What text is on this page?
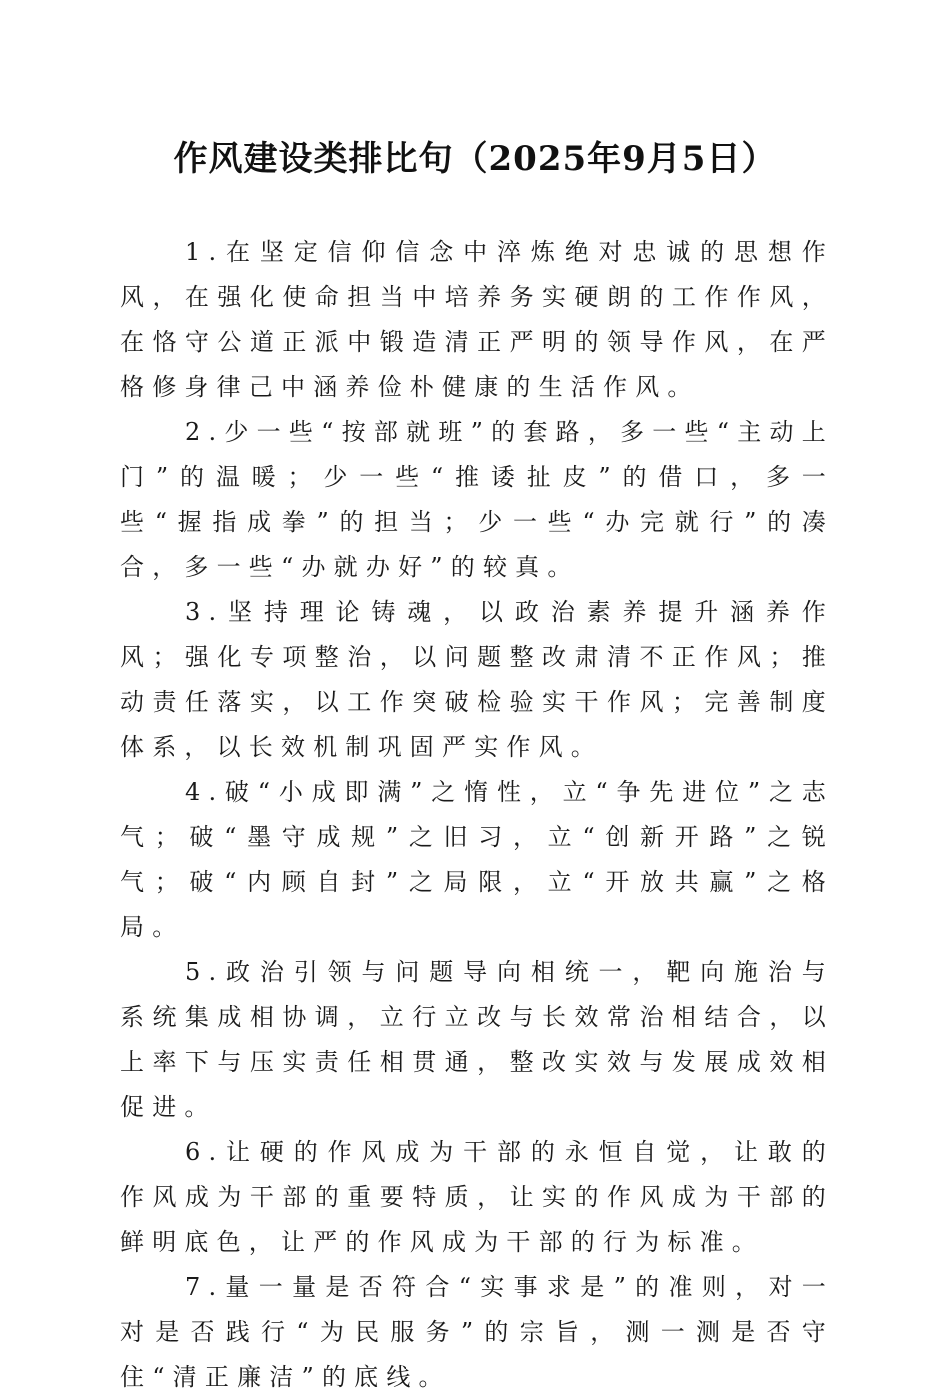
作风建设类排比句（2025年9月5日）

1.在坚定信仰信念中淬炼绝对忠诚的思想作风，在强化使命担当中培养务实硬朗的工作作风，在恪守公道正派中锻造清正严明的领导作风，在严格修身律己中涵养俭朴健康的生活作风。

2.少一些“按部就班”的套路，多一些“主动上门”的温暖；少一些“推诿扯皮”的借口，多一些“握指成拳”的担当；少一些“办完就行”的凑合，多一些“办就办好”的较真。

3.坚持理论铸魂，以政治素养提升涵养作风；强化专项整治，以问题整改肃清不正作风；推动责任落实，以工作突破检验实干作风；完善制度体系，以长效机制巩固严实作风。

4.破“小成即满”之惰性，立“争先进位”之志气；破“墨守成规”之旧习，立“创新开路”之锐气；破“内顾自封”之局限，立“开放共赢”之格局。

5.政治引领与问题导向相统一，靶向施治与系统集成相协调，立行立改与长效常治相结合，以上率下与压实责任相贯通，整改实效与发展成效相促进。

6.让硬的作风成为干部的永恒自觉，让敢的作风成为干部的重要特质，让实的作风成为干部的鲜明底色，让严的作风成为干部的行为标准。

7.量一量是否符合“实事求是”的准则，对一对是否践行“为民服务”的宗旨，测一测是否守住“清正廉洁”的底线。
